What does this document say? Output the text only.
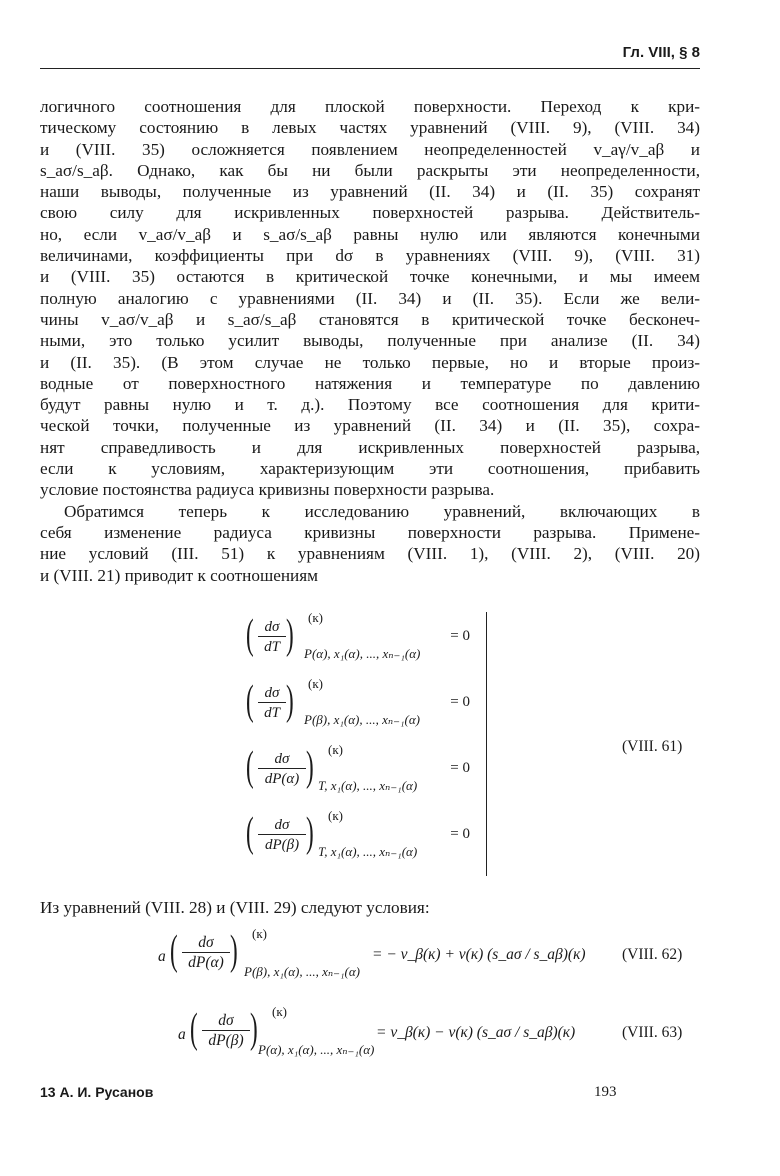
Гл. VIII, § 8
логичного соотношения для плоской поверхности. Переход к кри-
тическому состоянию в левых частях уравнений (VIII. 9), (VIII. 34)
и (VIII. 35) осложняется появлением неопределенностей v_aγ/v_aβ и
s_aσ/s_aβ. Однако, как бы ни были раскрыты эти неопределенности,
наши выводы, полученные из уравнений (II. 34) и (II. 35) сохранят
свою силу для искривленных поверхностей разрыва. Действитель-
но, если v_aσ/v_aβ и s_aσ/s_aβ равны нулю или являются конечными
величинами, коэффициенты при dσ в уравнениях (VIII. 9), (VIII. 31)
и (VIII. 35) остаются в критической точке конечными, и мы имеем
полную аналогию с уравнениями (II. 34) и (II. 35). Если же вели-
чины v_aσ/v_aβ и s_aσ/s_aβ становятся в критической точке бесконеч-
ными, это только усилит выводы, полученные при анализе (II. 34)
и (II. 35). (В этом случае не только первые, но и вторые произ-
водные от поверхностного натяжения и температуре по давлению
будут равны нулю и т. д.). Поэтому все соотношения для крити-
ческой точки, полученные из уравнений (II. 34) и (II. 35), сохра-
нят справедливость и для искривленных поверхностей разрыва,
если к условиям, характеризующим эти соотношения, прибавить
условие постоянства радиуса кривизны поверхности разрыва.
Обратимся теперь к исследованию уравнений, включающих в
себя изменение радиуса кривизны поверхности разрыва. Примене-
ние условий (III. 51) к уравнениям (VIII. 1), (VIII. 2), (VIII. 20)
и (VIII. 21) приводит к соотношениям
( $\frac{d\sigma}{dT}$ ) (к)
P(α), x₁(α), ..., xₙ₋₁(α)
= 0
( $\frac{d\sigma}{dT}$ ) (к)
P(β), x₁(α), ..., xₙ₋₁(α)
= 0
( $\frac{d\sigma}{dP(\alpha)}$ ) (к)
T, x₁(α), ..., xₙ₋₁(α)
= 0
( $\frac{d\sigma}{dP(\beta)}$ ) (к)
T, x₁(α), ..., xₙ₋₁(α)
= 0
(VIII. 61)
Из уравнений (VIII. 28) и (VIII. 29) следуют условия:
a ( $\frac{d\sigma}{dP(\alpha)}$ ) (к)
P(β), x₁(α), ..., xₙ₋₁(α)
= − v_β(к) + v(к) (s_aσ / s_aβ)(к) (VIII. 62)
a ( $\frac{d\sigma}{dP(\beta)}$ ) (к)
P(α), x₁(α), ..., xₙ₋₁(α)
= v_β(к) − v(к) (s_aσ / s_aβ)(к)	(VIII. 63)
13 А. И. Русанов	193
